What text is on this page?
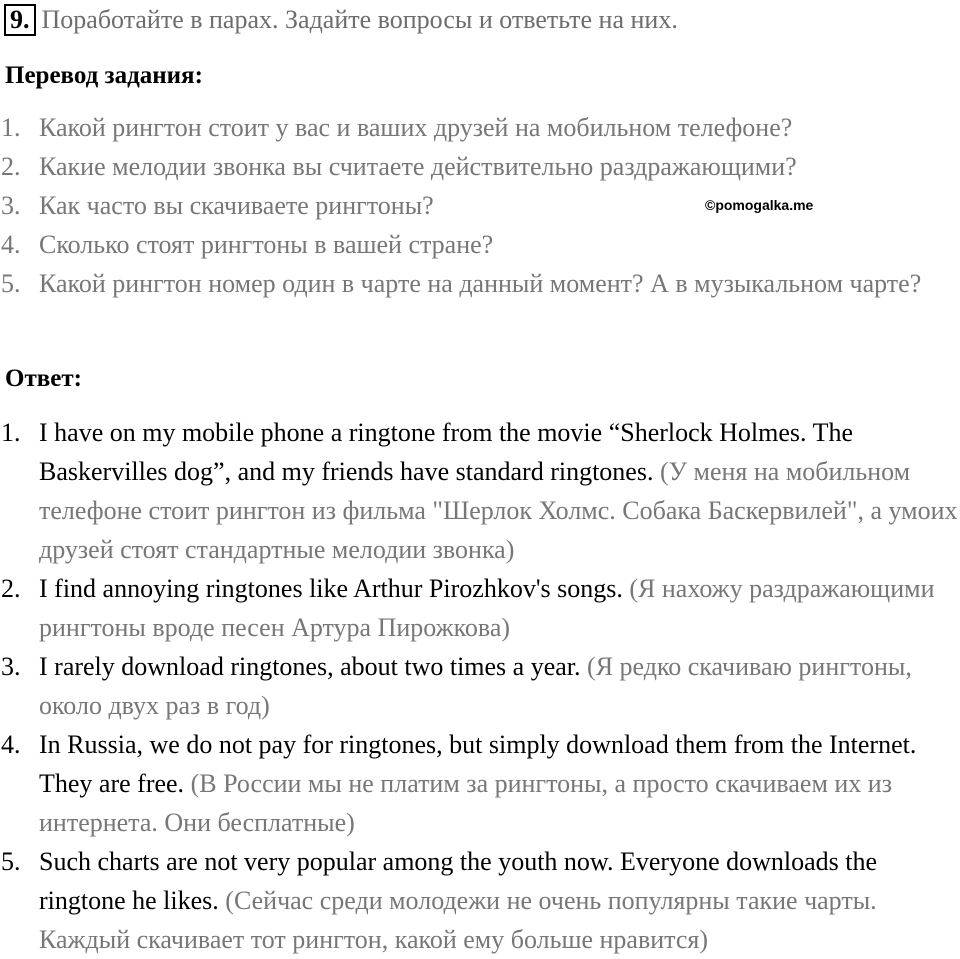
9. Поработайте в парах. Задайте вопросы и ответьте на них.
Перевод задания:
1. Какой рингтон стоит у вас и ваших друзей на мобильном телефоне?
2. Какие мелодии звонка вы считаете действительно раздражающими?
3. Как часто вы скачиваете рингтоны?
4. Сколько стоят рингтоны в вашей стране?
5. Какой рингтон номер один в чарте на данный момент? А в музыкальном чарте?
©pomogalka.me
Ответ:
1. I have on my mobile phone a ringtone from the movie “Sherlock Holmes. The Baskervilles dog”, and my friends have standard ringtones. (У меня на мобильном телефоне стоит рингтон из фильма "Шерлок Холмс. Собака Баскервилей", а умоих друзей стоят стандартные мелодии звонка)
2. I find annoying ringtones like Arthur Pirozhkov's songs. (Я нахожу раздражающими рингтоны вроде песен Артура Пирожкова)
3. I rarely download ringtones, about two times a year. (Я редко скачиваю рингтоны, около двух раз в год)
4. In Russia, we do not pay for ringtones, but simply download them from the Internet. They are free. (В России мы не платим за рингтоны, а просто скачиваем их из интернета. Они бесплатные)
5. Such charts are not very popular among the youth now. Everyone downloads the ringtone he likes. (Сейчас среди молодежи не очень популярны такие чарты. Каждый скачивает тот рингтон, какой ему больше нравится)
